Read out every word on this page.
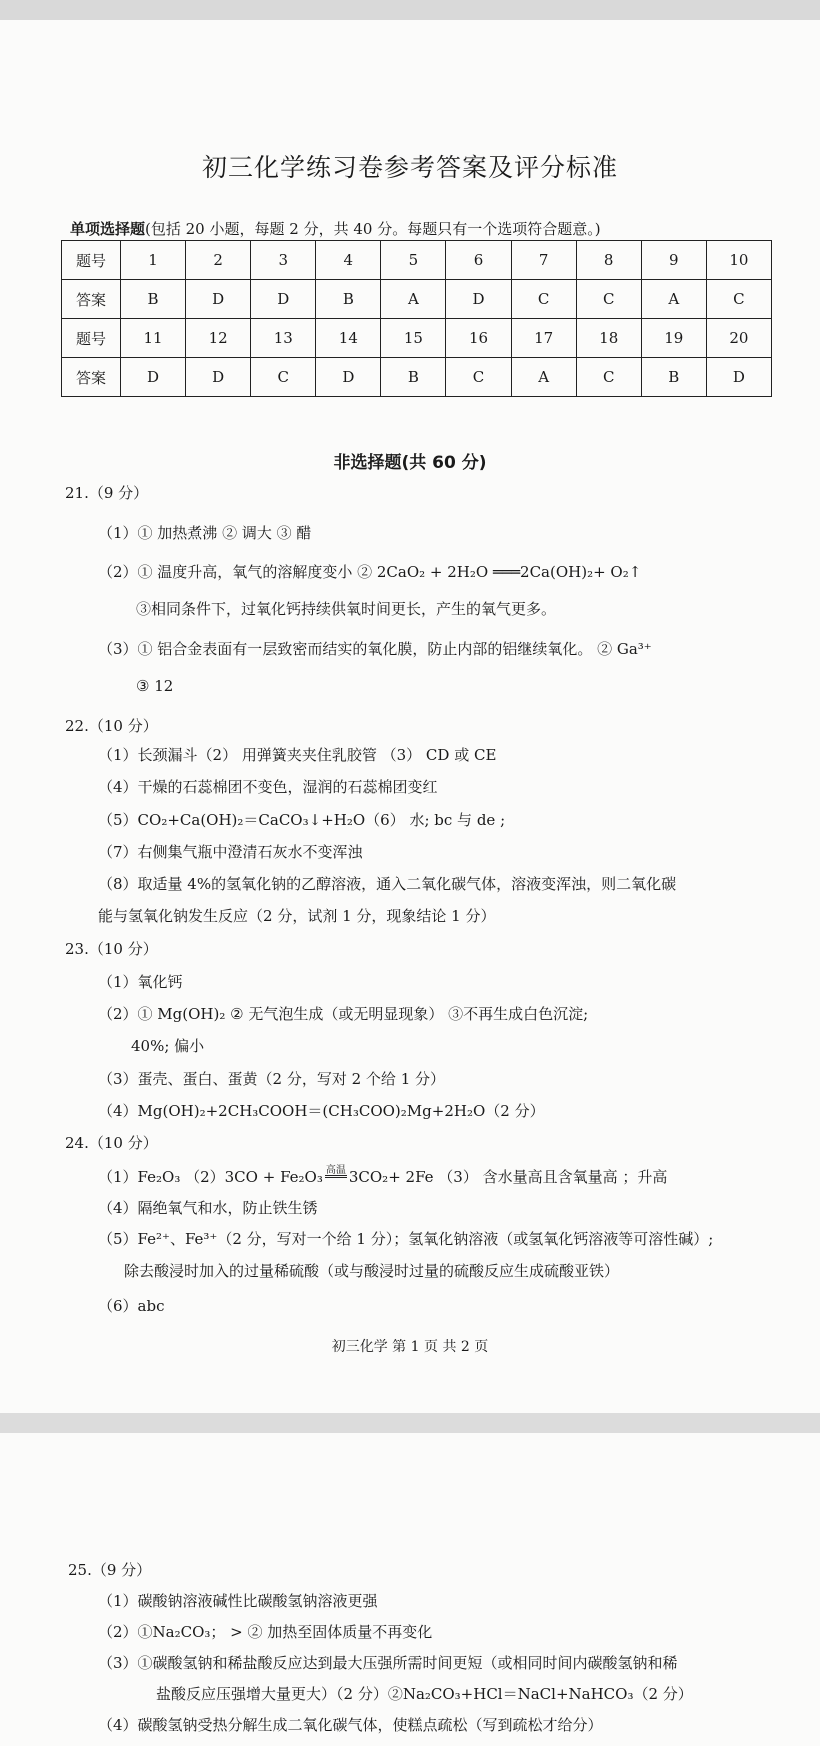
初三化学练习卷参考答案及评分标准
单项选择题(包括 20 小题，每题 2 分，共 40 分。每题只有一个选项符合题意。)
题号	1	2	3	4	5	6	7	8	9	10
答案	B	D	D	B	A	D	C	C	A	C
题号	11	12	13	14	15	16	17	18	19	20
答案	D	D	C	D	B	C	A	C	B	D
非选择题(共 60 分)
21.（9 分）
（1）① 加热煮沸 ② 调大 ③ 醋
（2）① 温度升高，氧气的溶解度变小 ② 2CaO₂ + 2H₂O ═══2Ca(OH)₂+ O₂↑
③相同条件下，过氧化钙持续供氧时间更长，产生的氧气更多。
（3）① 铝合金表面有一层致密而结实的氧化膜，防止内部的铝继续氧化。 ② Ga³⁺
③ 12
22.（10 分）
（1）长颈漏斗（2） 用弹簧夹夹住乳胶管 （3） CD 或 CE
（4）干燥的石蕊棉团不变色，湿润的石蕊棉团变红
（5）CO₂+Ca(OH)₂＝CaCO₃↓+H₂O（6） 水; bc 与 de ;
（7）右侧集气瓶中澄清石灰水不变浑浊
（8）取适量 4%的氢氧化钠的乙醇溶液，通入二氧化碳气体，溶液变浑浊，则二氧化碳
能与氢氧化钠发生反应（2 分，试剂 1 分，现象结论 1 分）
23.（10 分）
（1）氧化钙
（2）① Mg(OH)₂ ② 无气泡生成（或无明显现象） ③不再生成白色沉淀;
40%; 偏小
（3）蛋壳、蛋白、蛋黄（2 分，写对 2 个给 1 分）
（4）Mg(OH)₂+2CH₃COOH＝(CH₃COO)₂Mg+2H₂O（2 分）
24.（10 分）
（1）Fe₂O₃ （2）3CO + Fe₂O₃ 高温 3CO₂+ 2Fe （3） 含水量高且含氧量高 ；升高
（4）隔绝氧气和水，防止铁生锈
（5）Fe²⁺、Fe³⁺（2 分，写对一个给 1 分）；氢氧化钠溶液（或氢氧化钙溶液等可溶性碱）;
除去酸浸时加入的过量稀硫酸（或与酸浸时过量的硫酸反应生成硫酸亚铁）
（6）abc
初三化学 第 1 页 共 2 页
25.（9 分）
（1）碳酸钠溶液碱性比碳酸氢钠溶液更强
（2）①Na₂CO₃； > ② 加热至固体质量不再变化
（3）①碳酸氢钠和稀盐酸反应达到最大压强所需时间更短（或相同时间内碳酸氢钠和稀
盐酸反应压强增大量更大）（2 分）②Na₂CO₃+HCl＝NaCl+NaHCO₃（2 分）
（4）碳酸氢钠受热分解生成二氧化碳气体，使糕点疏松（写到疏松才给分）
